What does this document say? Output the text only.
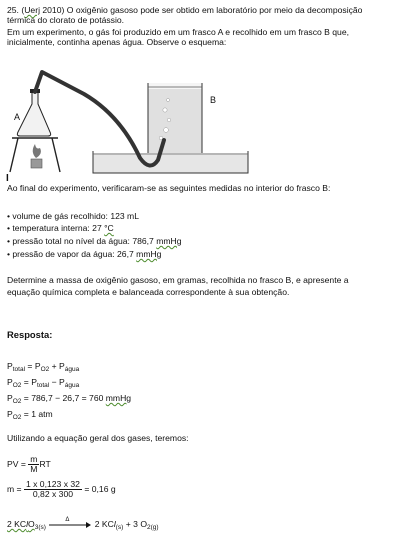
25. (Uerj 2010) O oxigênio gasoso pode ser obtido em laboratório por meio da decomposição
térmica do clorato de potássio.
Em um experimento, o gás foi produzido em um frasco A e recolhido em um frasco B que,
inicialmente, continha apenas água. Observe o esquema:
A
B
I
Ao final do experimento, verificaram-se as seguintes medidas no interior do frasco B:
• volume de gás recolhido: 123 mL
• temperatura interna: 27 °C
• pressão total no nível da água: 786,7 mmHg
• pressão de vapor da água: 26,7 mmHg
Determine a massa de oxigênio gasoso, em gramas, recolhida no frasco B, e apresente a
equação química completa e balanceada correspondente à sua obtenção.
Resposta:
$P_{total} = P_{O2} + P_{água}$
$P_{O2} = P_{total} - P_{água}$
$P_{O2} = 786,7 - 26,7 = 760$ mmHg
$P_{O2} = 1$ atm
Utilizando a equação geral dos gases, teremos:
PV = $\frac{m}{M}$ RT
$m = \frac{1 x 0,123 x 32}{0,82 x 300} = 0,16$ g
2 KClO$_{3(s)}$
Δ	2 KCl$_{(s)}$ + 3 $O_{2(g)}$
